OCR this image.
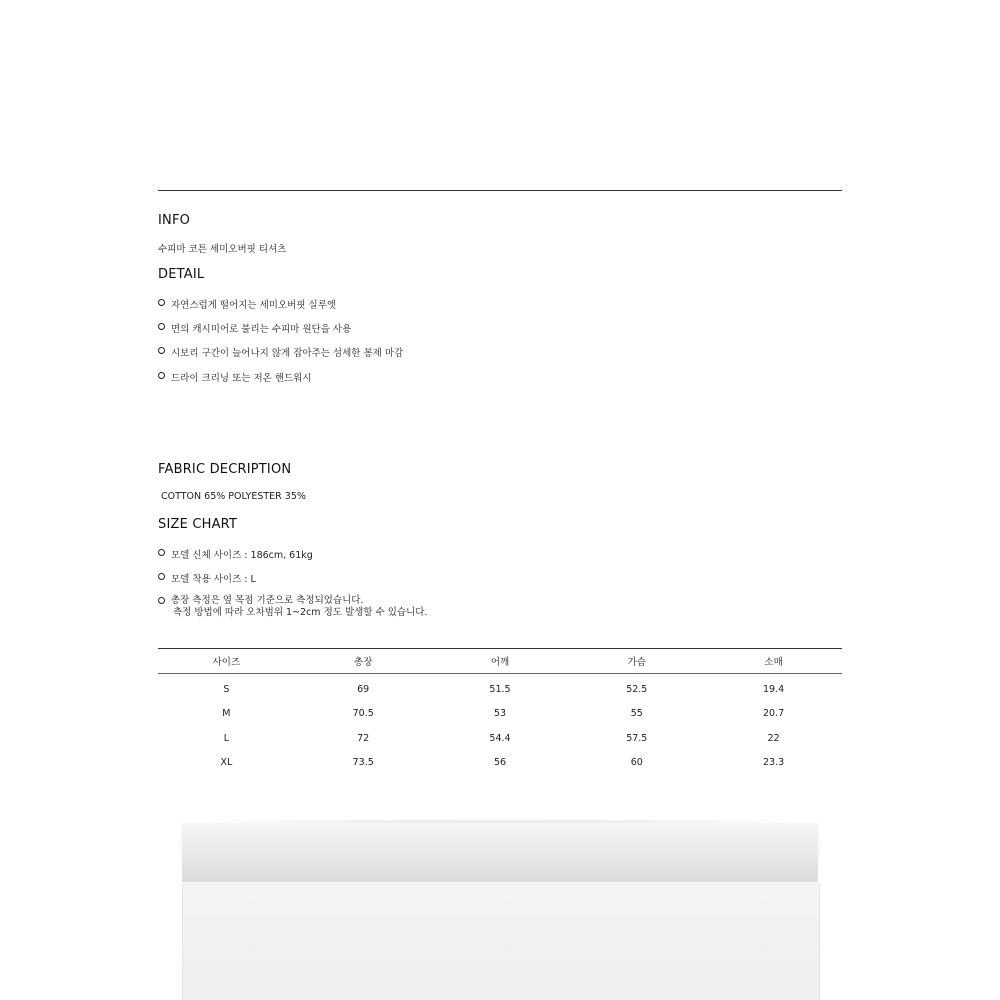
INFO
수피마 코튼 세미오버핏 티셔츠
DETAIL
자연스럽게 떨어지는 세미오버핏 실루엣
면의 캐시미어로 불리는 수피마 원단을 사용
시보리 구간이 늘어나지 않게 잡아주는 섬세한 봉제 마감
드라이 크리닝 또는 저온 핸드워시
FABRIC DECRIPTION
COTTON 65% POLYESTER 35%
SIZE CHART
모델 신체 사이즈 : 186cm, 61kg
모델 착용 사이즈 : L
총장 측정은 옆 목점 기준으로 측정되었습니다.
측정 방법에 따라 오차범위 1~2cm 정도 발생할 수 있습니다.
사이즈	총장	어깨	가슴	소매
S	69	51.5	52.5	19.4
M	70.5	53	55	20.7
L	72	54.4	57.5	22
XL	73.5	56	60	23.3
